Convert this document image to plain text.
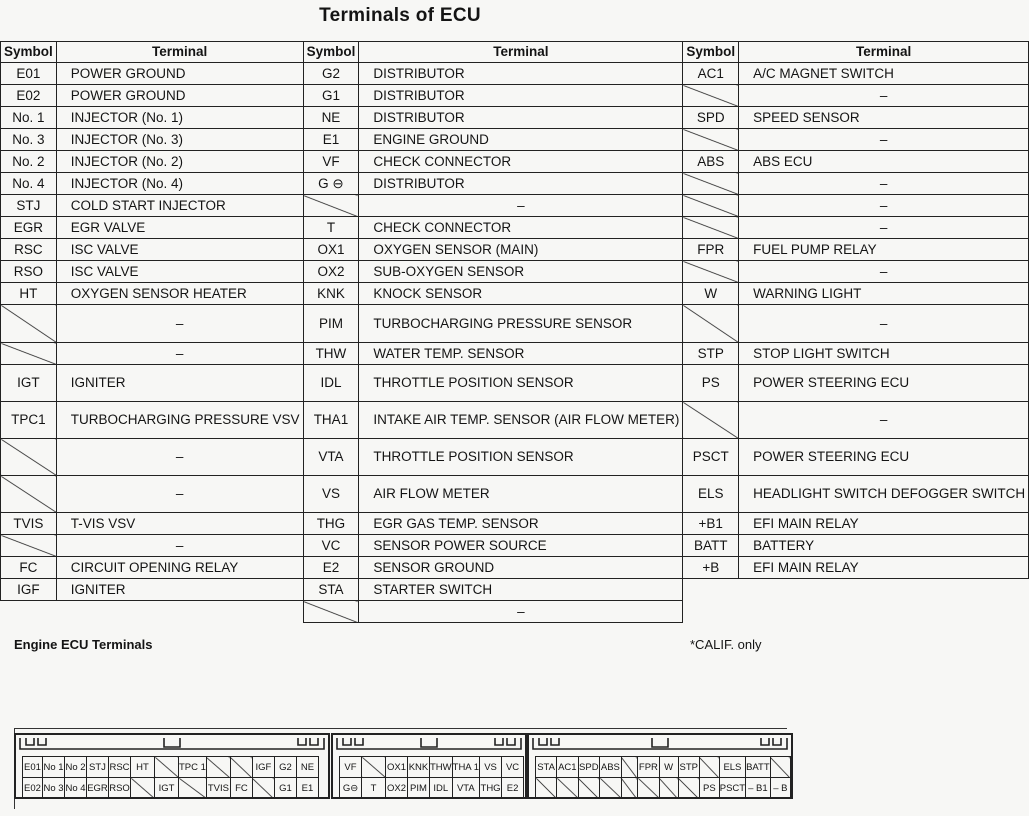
Terminals of ECU
Symbol	Terminal	Symbol	Terminal	Symbol	Terminal
E01	POWER GROUND	G2	DISTRIBUTOR	AC1	A/C MAGNET SWITCH
E02	POWER GROUND	G1	DISTRIBUTOR		–
No. 1	INJECTOR (No. 1)	NE	DISTRIBUTOR	SPD	SPEED SENSOR
No. 3	INJECTOR (No. 3)	E1	ENGINE GROUND		–
No. 2	INJECTOR (No. 2)	VF	CHECK CONNECTOR	ABS	ABS ECU
No. 4	INJECTOR (No. 4)	G ⊖	DISTRIBUTOR		–
STJ	COLD START INJECTOR		–		–
EGR	EGR VALVE	T	CHECK CONNECTOR		–
RSC	ISC VALVE	OX1	OXYGEN SENSOR (MAIN)	FPR	FUEL PUMP RELAY
RSO	ISC VALVE	OX2	SUB-OXYGEN SENSOR		–
HT	OXYGEN SENSOR HEATER	KNK	KNOCK SENSOR	W	WARNING LIGHT
	–	PIM	TURBOCHARGING PRESSURE SENSOR		–
	–	THW	WATER TEMP. SENSOR	STP	STOP LIGHT SWITCH
IGT	IGNITER	IDL	THROTTLE POSITION SENSOR	PS	POWER STEERING ECU
TPC1	TURBOCHARGING PRESSURE VSV	THA1	INTAKE AIR TEMP. SENSOR (AIR FLOW METER)		–
	–	VTA	THROTTLE POSITION SENSOR	PSCT	POWER STEERING ECU
	–	VS	AIR FLOW METER	ELS	HEADLIGHT SWITCH DEFOGGER SWITCH
TVIS	T-VIS VSV	THG	EGR GAS TEMP. SENSOR	+B1	EFI MAIN RELAY
	–	VC	SENSOR POWER SOURCE	BATT	BATTERY
FC	CIRCUIT OPENING RELAY	E2	SENSOR GROUND	+B	EFI MAIN RELAY
IGF	IGNITER	STA	STARTER SWITCH		
			–		
Engine ECU Terminals	*CALIF. only
E01	No 1	No 2	STJ	RSC	HT		TPC 1			IGF	G2	NE
E02	No 3	No 4	EGR	RSO		IGT		TVIS	FC		G1	E1
VF		OX1	KNK	THW	THA 1	VS	VC
G⊖	T	OX2	PIM	IDL	VTA	THG	E2
STA	AC1	SPD	ABS		FPR	W	STP		ELS	BATT	
								PS	PSCT	– B1	– B
